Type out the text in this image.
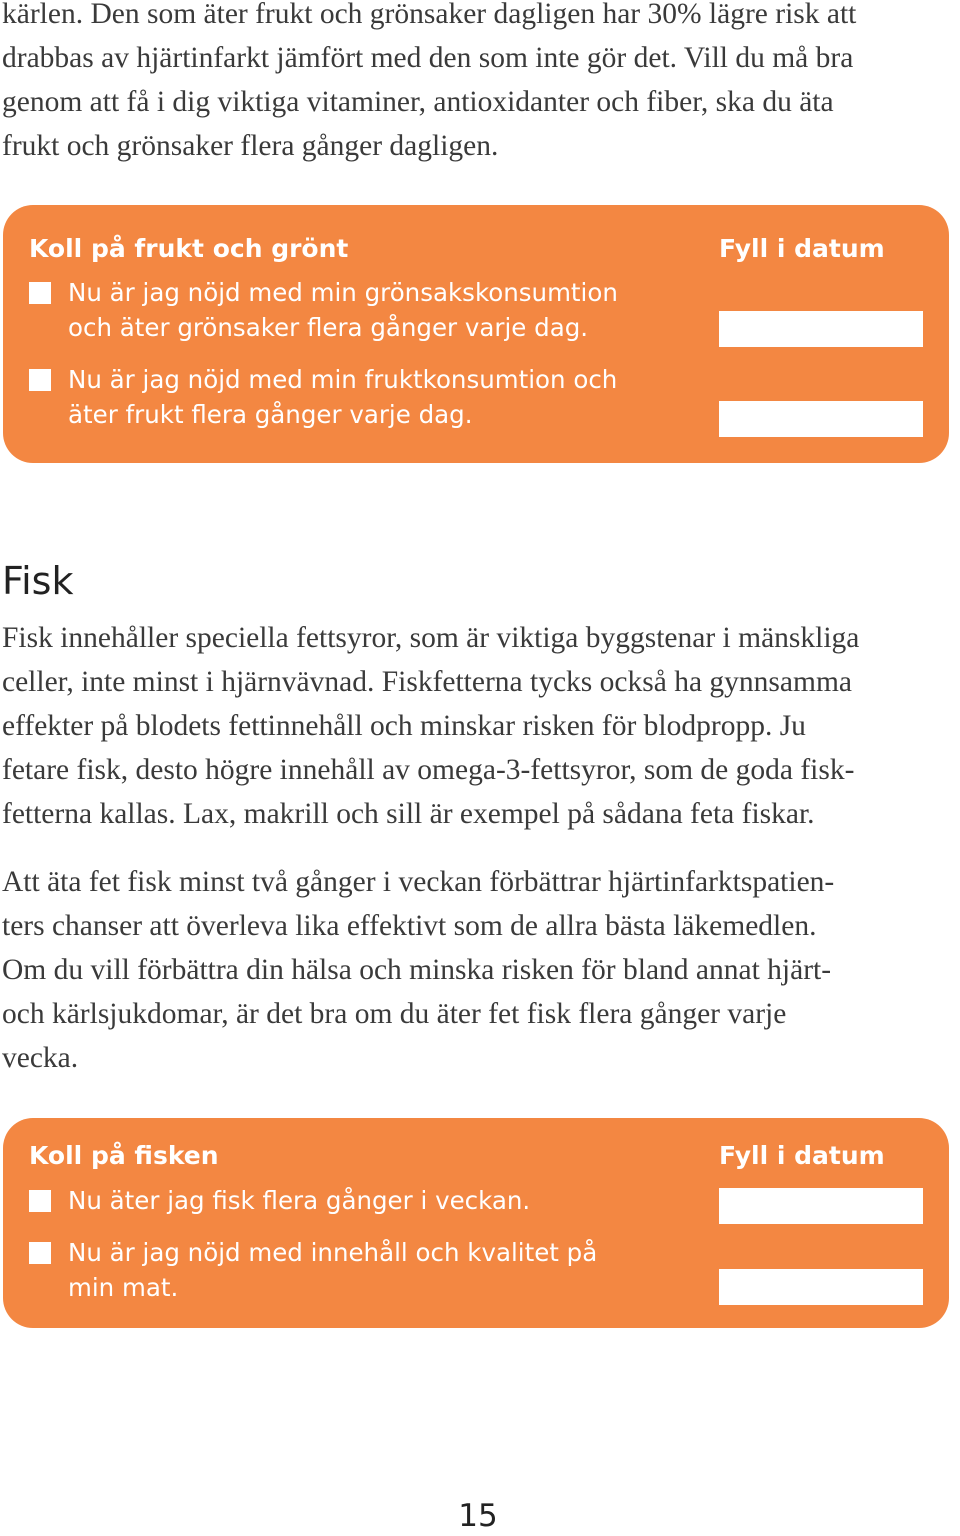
kärlen. Den som äter frukt och grönsaker dagligen har 30% lägre risk att
drabbas av hjärtinfarkt jämfört med den som inte gör det. Vill du må bra
genom att få i dig viktiga vitaminer, antioxidanter och fiber, ska du äta
frukt och grönsaker flera gånger dagligen.

Koll på frukt och grönt	Fyll i datum
Nu är jag nöjd med min grönsakskonsumtion
och äter grönsaker flera gånger varje dag.
Nu är jag nöjd med min fruktkonsumtion och
äter frukt flera gånger varje dag.
Fisk

Fisk innehåller speciella fettsyror, som är viktiga byggstenar i mänskliga
celler, inte minst i hjärnvävnad. Fiskfetterna tycks också ha gynnsamma
effekter på blodets fettinnehåll och minskar risken för blodpropp. Ju
fetare fisk, desto högre innehåll av omega-3-fettsyror, som de goda fisk-
fetterna kallas. Lax, makrill och sill är exempel på sådana feta fiskar.

Att äta fet fisk minst två gånger i veckan förbättrar hjärtinfarktspatien-
ters chanser att överleva lika effektivt som de allra bästa läkemedlen.
Om du vill förbättra din hälsa och minska risken för bland annat hjärt-
och kärlsjukdomar, är det bra om du äter fet fisk flera gånger varje
vecka.

Koll på fisken	Fyll i datum
Nu äter jag fisk flera gånger i veckan.
Nu är jag nöjd med innehåll och kvalitet på
min mat.
15
